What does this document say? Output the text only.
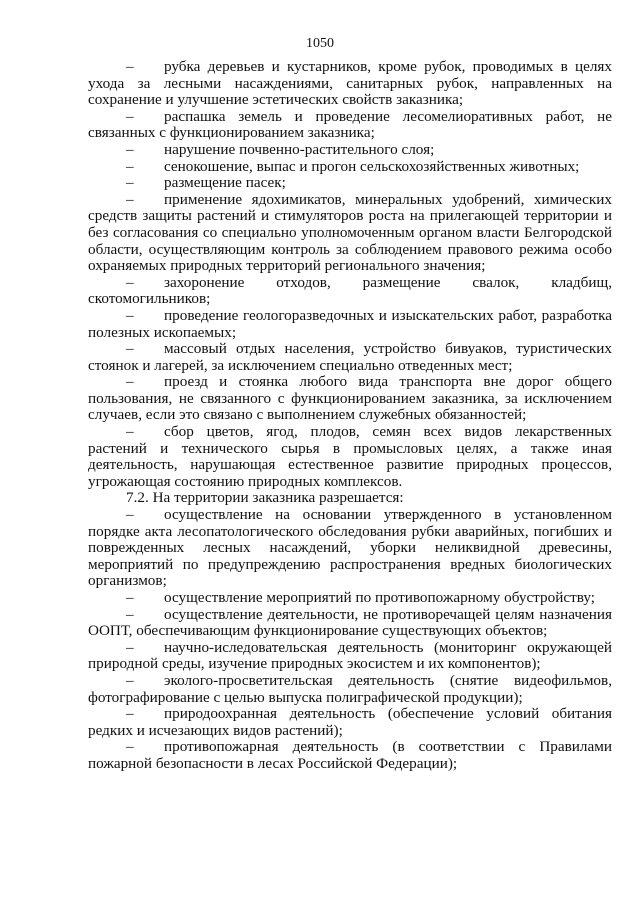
1050

– рубка деревьев и кустарников, кроме рубок, проводимых в целях ухода за лесными насаждениями, санитарных рубок, направленных на сохранение и улучшение эстетических свойств заказника;

– распашка земель и проведение лесомелиоративных работ, не связанных с функционированием заказника;

– нарушение почвенно-растительного слоя;

– сенокошение, выпас и прогон сельскохозяйственных животных;

– размещение пасек;

– применение ядохимикатов, минеральных удобрений, химических средств защиты растений и стимуляторов роста на прилегающей территории и без согласования со специально уполномоченным органом власти Белгородской области, осуществляющим контроль за соблюдением правового режима особо охраняемых природных территорий регионального значения;

– захоронение отходов, размещение свалок, кладбищ, скотомогильников;

– проведение геологоразведочных и изыскательских работ, разработка полезных ископаемых;

– массовый отдых населения, устройство бивуаков, туристических стоянок и лагерей, за исключением специально отведенных мест;

– проезд и стоянка любого вида транспорта вне дорог общего пользования, не связанного с функционированием заказника, за исключением случаев, если это связано с выполнением служебных обязанностей;

– сбор цветов, ягод, плодов, семян всех видов лекарственных растений и технического сырья в промысловых целях, а также иная деятельность, нарушающая естественное развитие природных процессов, угрожающая состоянию природных комплексов.

7.2. На территории заказника разрешается:

– осуществление на основании утвержденного в установленном порядке акта лесопатологического обследования рубки аварийных, погибших и поврежденных лесных насаждений, уборки неликвидной древесины, мероприятий по предупреждению распространения вредных биологических организмов;

– осуществление мероприятий по противопожарному обустройству;

– осуществление деятельности, не противоречащей целям назначения ООПТ, обеспечивающим функционирование существующих объектов;

– научно-иследовательская деятельность (мониторинг окружающей природной среды, изучение природных экосистем и их компонентов);

– эколого-просветительская деятельность (снятие видеофильмов, фотографирование с целью выпуска полиграфической продукции);

– природоохранная деятельность (обеспечение условий обитания редких и исчезающих видов растений);

– противопожарная деятельность (в соответствии с Правилами пожарной безопасности в лесах Российской Федерации);
